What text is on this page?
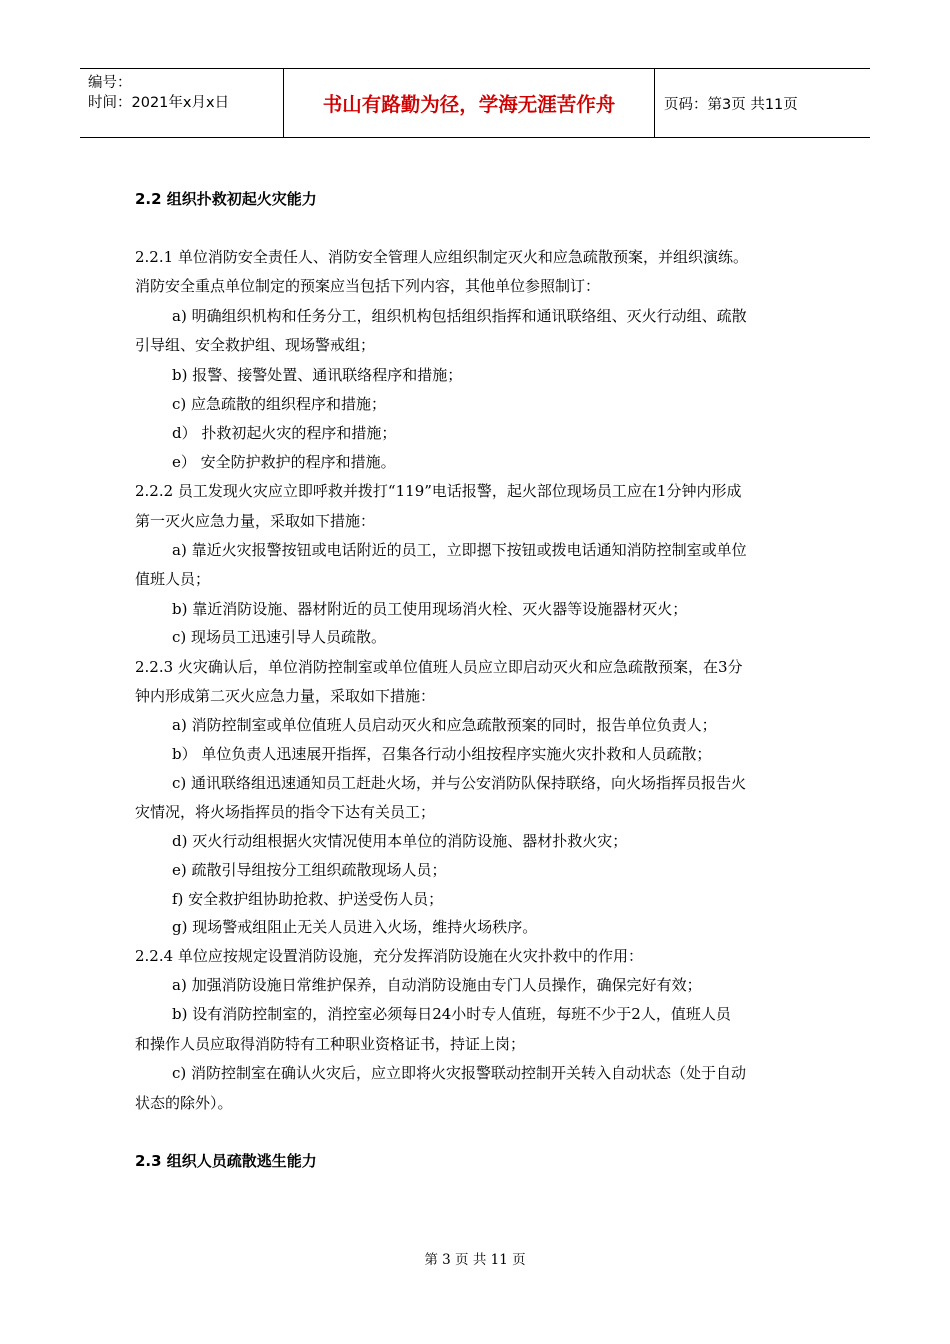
编号：
时间：2021年x月x日	书山有路勤为径，学海无涯苦作舟	页码：第3页 共11页
2.2 组织扑救初起火灾能力
2.2.1 单位消防安全责任人、消防安全管理人应组织制定灭火和应急疏散预案，并组织演练。
消防安全重点单位制定的预案应当包括下列内容，其他单位参照制订：
a) 明确组织机构和任务分工，组织机构包括组织指挥和通讯联络组、灭火行动组、疏散
引导组、安全救护组、现场警戒组；
b) 报警、接警处置、通讯联络程序和措施；
c) 应急疏散的组织程序和措施；
d） 扑救初起火灾的程序和措施；
e） 安全防护救护的程序和措施。
2.2.2 员工发现火灾应立即呼救并拨打“119”电话报警，起火部位现场员工应在1分钟内形成
第一灭火应急力量，采取如下措施：
a) 靠近火灾报警按钮或电话附近的员工，立即摁下按钮或拨电话通知消防控制室或单位
值班人员；
b) 靠近消防设施、器材附近的员工使用现场消火栓、灭火器等设施器材灭火；
c) 现场员工迅速引导人员疏散。
2.2.3 火灾确认后，单位消防控制室或单位值班人员应立即启动灭火和应急疏散预案，在3分
钟内形成第二灭火应急力量，采取如下措施：
a) 消防控制室或单位值班人员启动灭火和应急疏散预案的同时，报告单位负责人；
b） 单位负责人迅速展开指挥，召集各行动小组按程序实施火灾扑救和人员疏散；
c) 通讯联络组迅速通知员工赶赴火场，并与公安消防队保持联络，向火场指挥员报告火
灾情况，将火场指挥员的指令下达有关员工；
d) 灭火行动组根据火灾情况使用本单位的消防设施、器材扑救火灾；
e) 疏散引导组按分工组织疏散现场人员；
f) 安全救护组协助抢救、护送受伤人员；
g) 现场警戒组阻止无关人员进入火场，维持火场秩序。
2.2.4 单位应按规定设置消防设施，充分发挥消防设施在火灾扑救中的作用：
a) 加强消防设施日常维护保养，自动消防设施由专门人员操作，确保完好有效；
b) 设有消防控制室的，消控室必须每日24小时专人值班，每班不少于2人，值班人员
和操作人员应取得消防特有工种职业资格证书，持证上岗；
c) 消防控制室在确认火灾后，应立即将火灾报警联动控制开关转入自动状态（处于自动
状态的除外）。
2.3 组织人员疏散逃生能力
第 3 页 共 11 页
